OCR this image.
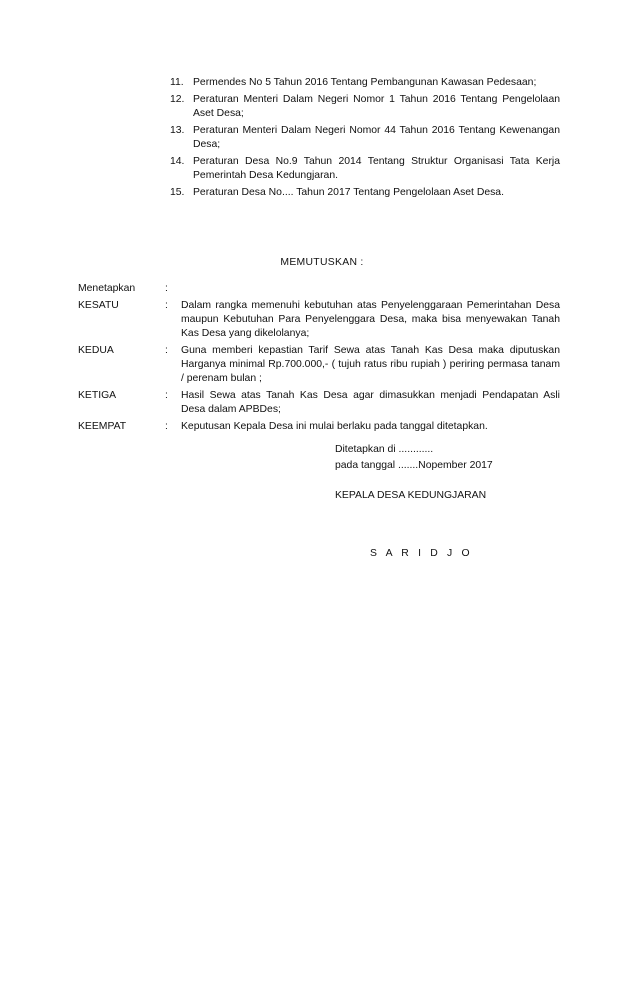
11. Permendes No 5 Tahun 2016 Tentang Pembangunan Kawasan Pedesaan;
12. Peraturan Menteri Dalam Negeri Nomor 1 Tahun 2016 Tentang Pengelolaan Aset Desa;
13. Peraturan Menteri Dalam Negeri Nomor 44 Tahun 2016 Tentang Kewenangan Desa;
14. Peraturan Desa No.9 Tahun 2014 Tentang Struktur Organisasi Tata Kerja Pemerintah Desa Kedungjaran.
15. Peraturan Desa No.... Tahun 2017 Tentang Pengelolaan Aset Desa.
MEMUTUSKAN :
Menetapkan	:
KESATU	:	Dalam rangka memenuhi kebutuhan atas Penyelenggaraan Pemerintahan Desa maupun Kebutuhan Para Penyelenggara Desa, maka bisa menyewakan Tanah Kas Desa yang dikelolanya;
KEDUA	:	Guna memberi kepastian Tarif Sewa atas Tanah Kas Desa maka diputuskan Harganya minimal Rp.700.000,- ( tujuh ratus ribu rupiah ) periring permasa tanam / perenam bulan ;
KETIGA	:	Hasil Sewa atas Tanah Kas Desa agar dimasukkan menjadi Pendapatan Asli Desa dalam APBDes;
KEEMPAT	:	Keputusan Kepala Desa ini mulai berlaku pada tanggal ditetapkan.
Ditetapkan di ............
pada tanggal .......Nopember 2017
KEPALA DESA KEDUNGJARAN
S A R I D J O
